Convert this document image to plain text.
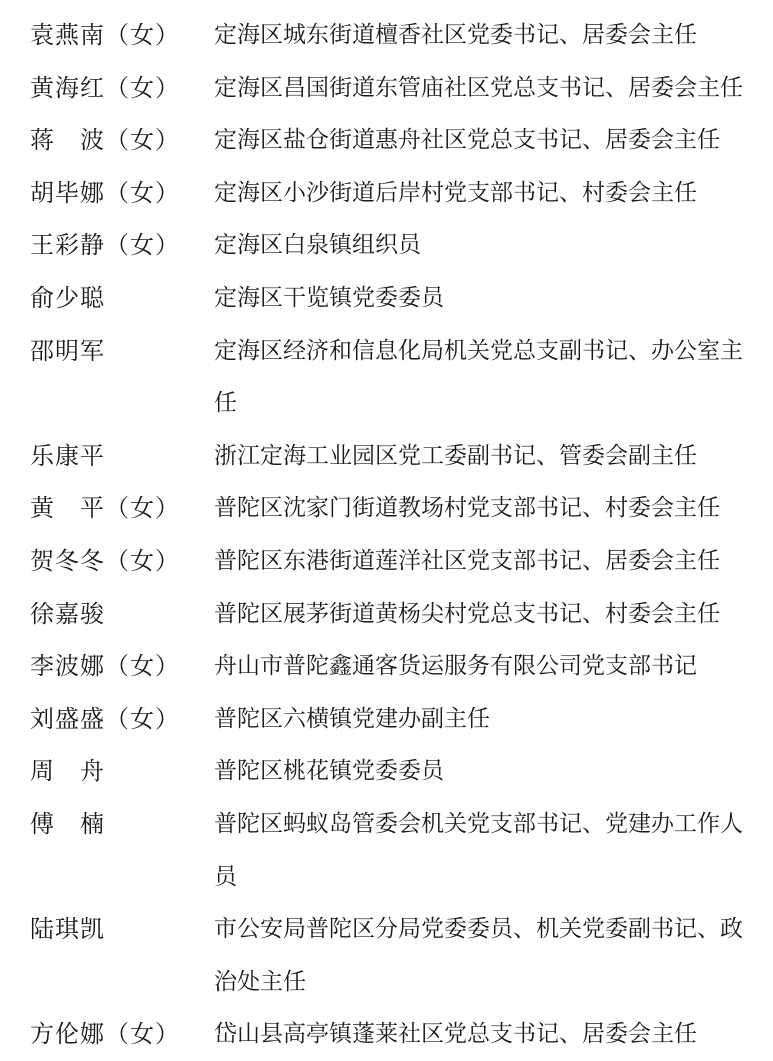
袁燕南（女）	定海区城东街道檀香社区党委书记、居委会主任
黄海红（女）	定海区昌国街道东管庙社区党总支书记、居委会主任
蒋　波（女）	定海区盐仓街道惠舟社区党总支书记、居委会主任
胡毕娜（女）	定海区小沙街道后岸村党支部书记、村委会主任
王彩静（女）	定海区白泉镇组织员
俞少聪	定海区干览镇党委委员
邵明军	定海区经济和信息化局机关党总支副书记、办公室主任
乐康平	浙江定海工业园区党工委副书记、管委会副主任
黄　平（女）	普陀区沈家门街道教场村党支部书记、村委会主任
贺冬冬（女）	普陀区东港街道莲洋社区党支部书记、居委会主任
徐嘉骏	普陀区展茅街道黄杨尖村党总支书记、村委会主任
李波娜（女）	舟山市普陀鑫通客货运服务有限公司党支部书记
刘盛盛（女）	普陀区六横镇党建办副主任
周　舟	普陀区桃花镇党委委员
傅　楠	普陀区蚂蚁岛管委会机关党支部书记、党建办工作人员
陆琪凯	市公安局普陀区分局党委委员、机关党委副书记、政治处主任
方伦娜（女）	岱山县高亭镇蓬莱社区党总支书记、居委会主任
